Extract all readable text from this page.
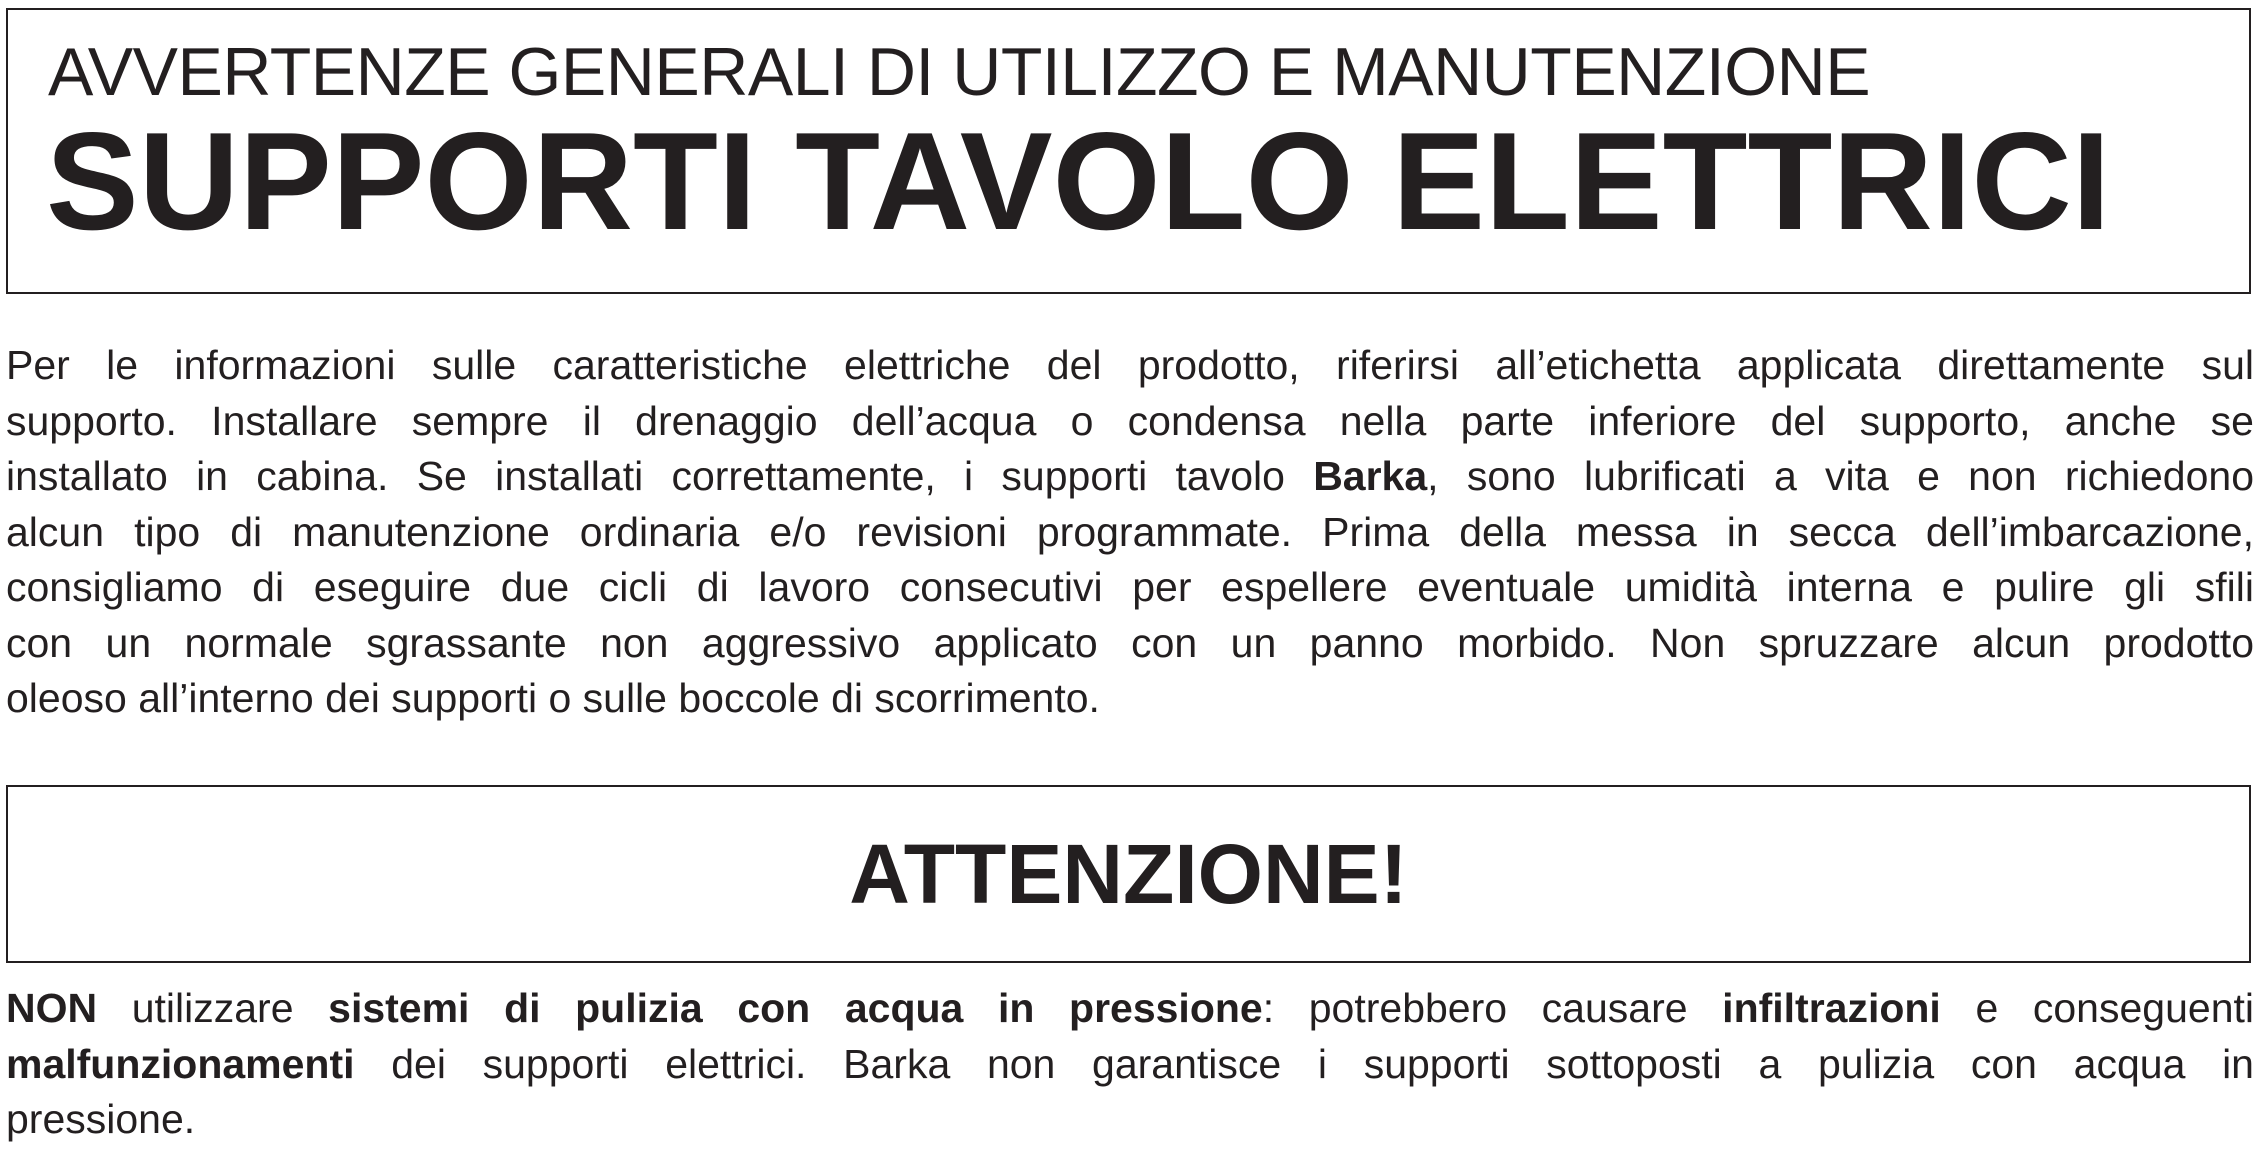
AVVERTENZE GENERALI DI UTILIZZO E MANUTENZIONE
SUPPORTI TAVOLO ELETTRICI
Per le informazioni sulle caratteristiche elettriche del prodotto, riferirsi all’etichetta applicata direttamente sul
supporto. Installare sempre il drenaggio dell’acqua o condensa nella parte inferiore del supporto, anche se
installato in cabina. Se installati correttamente, i supporti tavolo Barka, sono lubrificati a vita e non richiedono
alcun tipo di manutenzione ordinaria e/o revisioni programmate. Prima della messa in secca dell’imbarcazione,
consigliamo di eseguire due cicli di lavoro consecutivi per espellere eventuale umidità interna e pulire gli sfili
con un normale sgrassante non aggressivo applicato con un panno morbido. Non spruzzare alcun prodotto
oleoso all’interno dei supporti o sulle boccole di scorrimento.
ATTENZIONE!
NON utilizzare sistemi di pulizia con acqua in pressione: potrebbero causare infiltrazioni e conseguenti
malfunzionamenti dei supporti elettrici. Barka non garantisce i supporti sottoposti a pulizia con acqua in
pressione.
